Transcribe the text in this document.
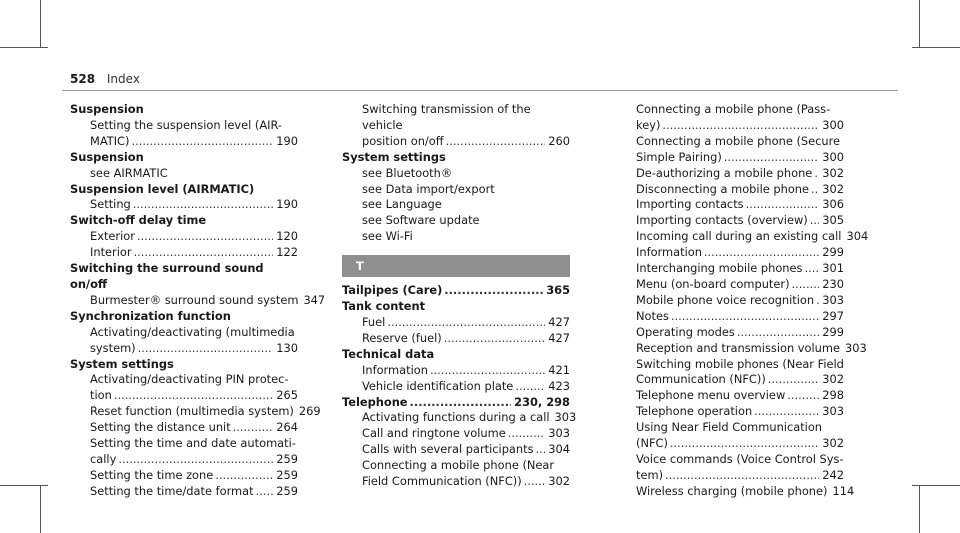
528 Index
Suspension
Setting the suspension level (AIR-
MATIC) .....	190
Suspension
see AIRMATIC
Suspension level (AIRMATIC)
Setting .....	190
Switch-off delay time
Exterior .....	120
Interior .....	122
Switching the surround sound on/off
Burmester® surround sound system ..... 347
Synchronization function
Activating/deactivating (multimedia
system) .....	130
System settings
Activating/deactivating PIN protec-
tion .....	265
Reset function (multimedia system) ..... 269
Setting the distance unit .....	264
Setting the time and date automati-
cally .....	259
Setting the time zone .....	259
Setting the time/date format ..... 259
Switching transmission of the vehicle
position on/off .....	260
System settings
see Bluetooth®
see Data import/export
see Language
see Software update
see Wi-Fi
T
Tailpipes (Care) .....	365
Tank content
Fuel .....	427
Reserve (fuel) .....	427
Technical data
Information .....	421
Vehicle identification plate .....	423
Telephone .....	230, 298
Activating functions during a call ..... 303
Call and ringtone volume .....	303
Calls with several participants ..... 304
Connecting a mobile phone (Near
Field Communication (NFC)) ..... 302
Connecting a mobile phone (Pass-
key) .....	300
Connecting a mobile phone (Secure
Simple Pairing) .....	300
De-authorizing a mobile phone ..... 302
Disconnecting a mobile phone ..... 302
Importing contacts .....	306
Importing contacts (overview) ..... 305
Incoming call during an existing call ..... 304
Information .....	299
Interchanging mobile phones ..... 301
Menu (on-board computer) .....	230
Mobile phone voice recognition ..... 303
Notes .....	297
Operating modes .....	299
Reception and transmission volume ..... 303
Switching mobile phones (Near Field
Communication (NFC)) .....	302
Telephone menu overview .....	298
Telephone operation .....	303
Using Near Field Communication
(NFC) .....	302
Voice commands (Voice Control Sys-
tem) .....	242
Wireless charging (mobile phone) ..... 114
